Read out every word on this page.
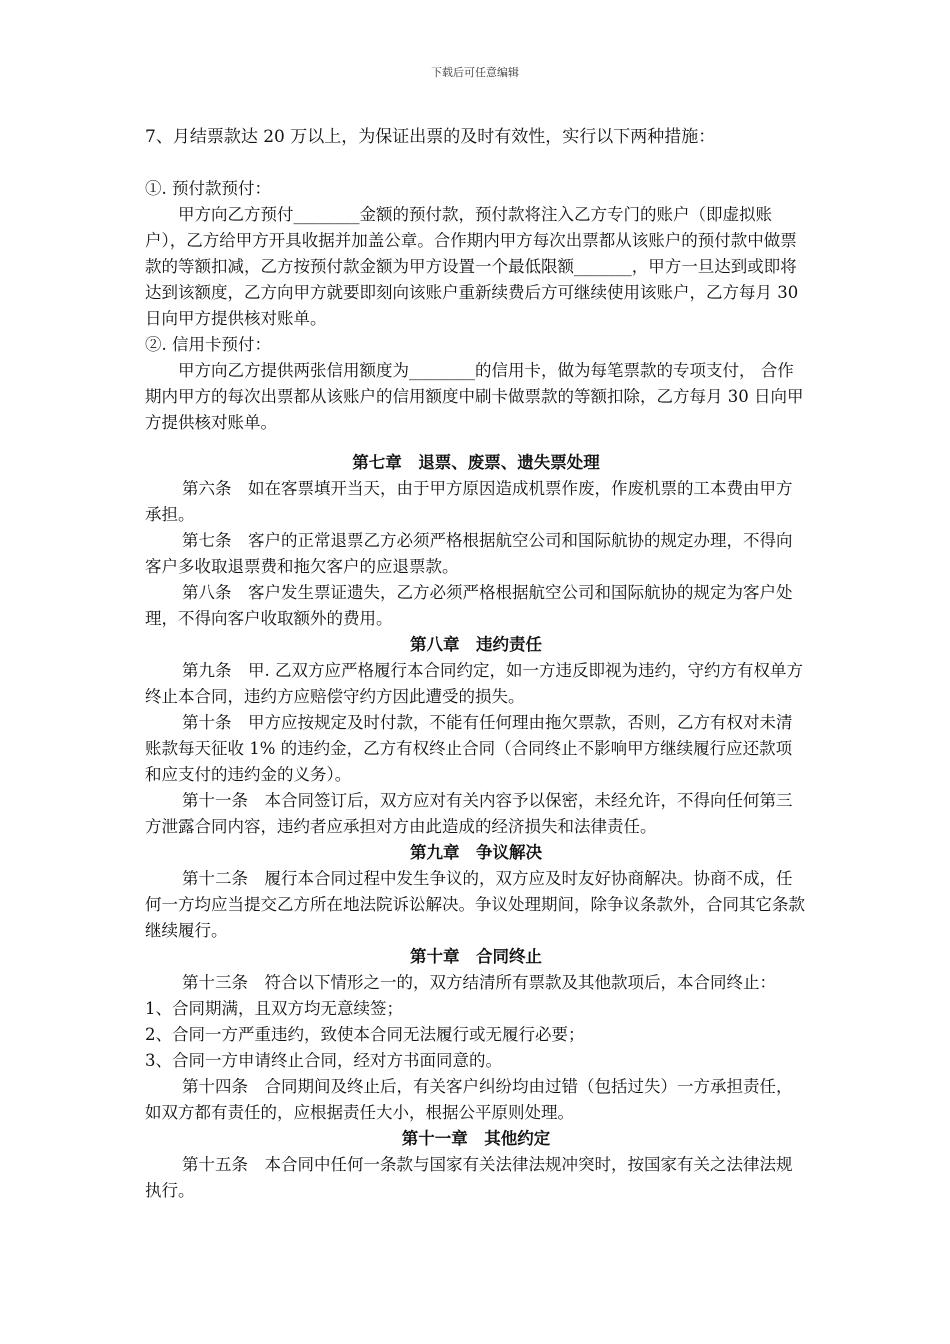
下载后可任意编辑

7、月结票款达 20 万以上，为保证出票的及时有效性，实行以下两种措施：

①. 预付款预付：

甲方向乙方预付________金额的预付款，预付款将注入乙方专门的账户（即虚拟账户），乙方给甲方开具收据并加盖公章。合作期内甲方每次出票都从该账户的预付款中做票款的等额扣减，乙方按预付款金额为甲方设置一个最低限额_______，甲方一旦达到或即将达到该额度，乙方向甲方就要即刻向该账户重新续费后方可继续使用该账户，乙方每月 30 日向甲方提供核对账单。

②. 信用卡预付：

甲方向乙方提供两张信用额度为________的信用卡，做为每笔票款的专项支付， 合作期内甲方的每次出票都从该账户的信用额度中刷卡做票款的等额扣除，乙方每月 30 日向甲方提供核对账单。

第七章　退票、废票、遗失票处理

第六条　如在客票填开当天，由于甲方原因造成机票作废，作废机票的工本费由甲方承担。

第七条　客户的正常退票乙方必须严格根据航空公司和国际航协的规定办理，不得向客户多收取退票费和拖欠客户的应退票款。

第八条　客户发生票证遗失，乙方必须严格根据航空公司和国际航协的规定为客户处理，不得向客户收取额外的费用。

第八章　违约责任

第九条　甲. 乙双方应严格履行本合同约定，如一方违反即视为违约，守约方有权单方终止本合同，违约方应赔偿守约方因此遭受的损失。

第十条　甲方应按规定及时付款，不能有任何理由拖欠票款，否则，乙方有权对未清账款每天征收 1% 的违约金，乙方有权终止合同（合同终止不影响甲方继续履行应还款项和应支付的违约金的义务）。

第十一条　本合同签订后，双方应对有关内容予以保密，未经允许，不得向任何第三方泄露合同内容，违约者应承担对方由此造成的经济损失和法律责任。

第九章　争议解决

第十二条　履行本合同过程中发生争议的，双方应及时友好协商解决。协商不成，任何一方均应当提交乙方所在地法院诉讼解决。争议处理期间，除争议条款外，合同其它条款继续履行。

第十章　合同终止

第十三条　符合以下情形之一的，双方结清所有票款及其他款项后，本合同终止：

1、合同期满，且双方均无意续签；

2、合同一方严重违约，致使本合同无法履行或无履行必要；

3、合同一方申请终止合同，经对方书面同意的。

第十四条　合同期间及终止后，有关客户纠纷均由过错（包括过失）一方承担责任，如双方都有责任的，应根据责任大小，根据公平原则处理。

第十一章　其他约定

第十五条　本合同中任何一条款与国家有关法律法规冲突时，按国家有关之法律法规执行。
